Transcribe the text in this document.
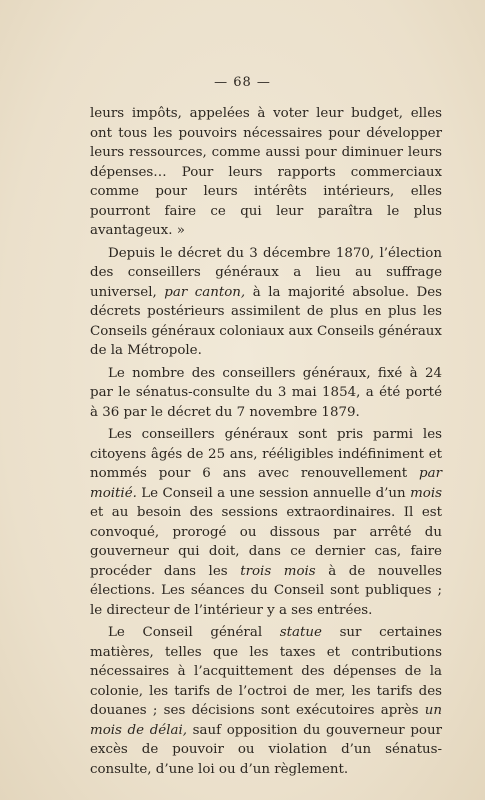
— 68 —

leurs impôts, appelées à voter leur budget, elles ont tous les pouvoirs nécessaires pour développer leurs ressources, comme aussi pour diminuer leurs dépenses… Pour leurs rapports commerciaux comme pour leurs intérêts intérieurs, elles pourront faire ce qui leur paraîtra le plus avantageux. »

Depuis le décret du 3 décembre 1870, l’élection des conseillers généraux a lieu au suffrage universel, par canton, à la majorité absolue. Des décrets postérieurs assimilent de plus en plus les Conseils généraux coloniaux aux Conseils généraux de la Métropole.

Le nombre des conseillers généraux, fixé à 24 par le sénatus-consulte du 3 mai 1854, a été porté à 36 par le décret du 7 novembre 1879.

Les conseillers généraux sont pris parmi les citoyens âgés de 25 ans, rééligibles indéfiniment et nommés pour 6 ans avec renouvellement par moitié. Le Conseil a une session annuelle d’un mois et au besoin des sessions extraordinaires. Il est convoqué, prorogé ou dissous par arrêté du gouverneur qui doit, dans ce dernier cas, faire procéder dans les trois mois à de nouvelles élections. Les séances du Conseil sont publiques ; le directeur de l’intérieur y a ses entrées.

Le Conseil général statue sur certaines matières, telles que les taxes et contributions nécessaires à l’acquittement des dépenses de la colonie, les tarifs de l’octroi de mer, les tarifs des douanes ; ses décisions sont exécutoires après un mois de délai, sauf opposition du gouverneur pour excès de pouvoir ou violation d’un sénatus-consulte, d’une loi ou d’un règlement.
